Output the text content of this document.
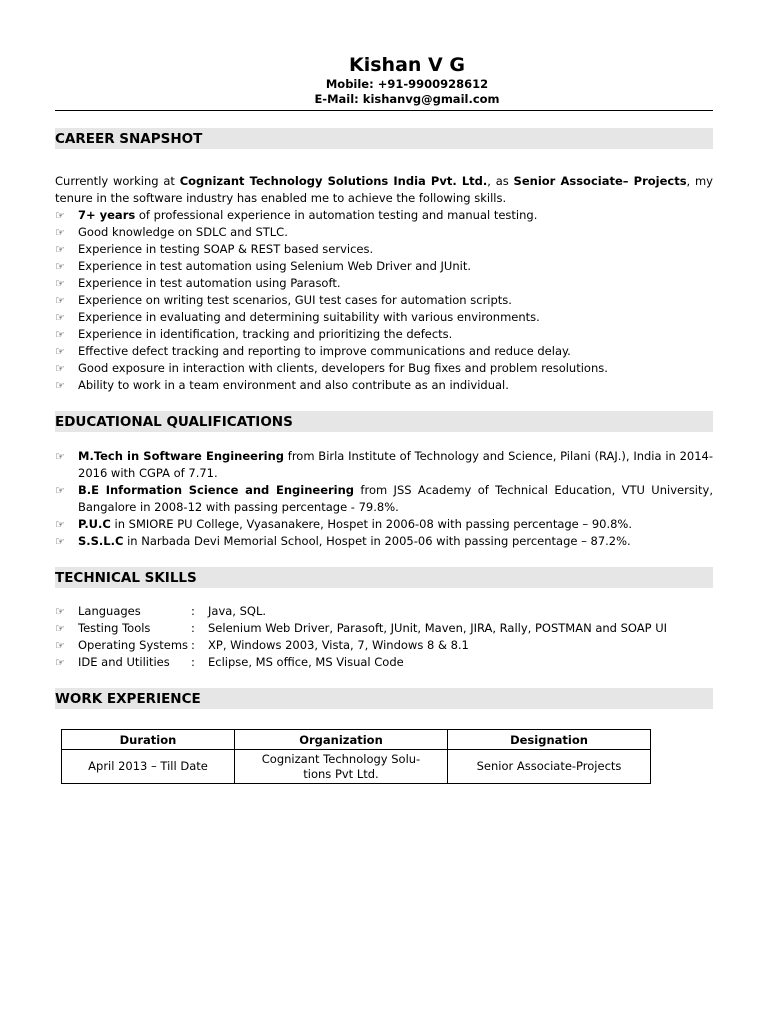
Kishan V G
Mobile: +91-9900928612
E-Mail: kishanvg@gmail.com
CAREER SNAPSHOT
Currently working at Cognizant Technology Solutions India Pvt. Ltd., as Senior Associate– Projects, my tenure in the software industry has enabled me to achieve the following skills.
☞ 7+ years of professional experience in automation testing and manual testing.
☞ Good knowledge on SDLC and STLC.
☞ Experience in testing SOAP & REST based services.
☞ Experience in test automation using Selenium Web Driver and JUnit.
☞ Experience in test automation using Parasoft.
☞ Experience on writing test scenarios, GUI test cases for automation scripts.
☞ Experience in evaluating and determining suitability with various environments.
☞ Experience in identification, tracking and prioritizing the defects.
☞ Effective defect tracking and reporting to improve communications and reduce delay.
☞ Good exposure in interaction with clients, developers for Bug fixes and problem resolutions.
☞ Ability to work in a team environment and also contribute as an individual.
EDUCATIONAL QUALIFICATIONS
☞ M.Tech in Software Engineering from Birla Institute of Technology and Science, Pilani (RAJ.), India in 2014-2016 with CGPA of 7.71.
☞ B.E Information Science and Engineering from JSS Academy of Technical Education, VTU University, Bangalore in 2008-12 with passing percentage - 79.8%.
☞ P.U.C in SMIORE PU College, Vyasanakere, Hospet in 2006-08 with passing percentage – 90.8%.
☞ S.S.L.C in Narbada Devi Memorial School, Hospet in 2005-06 with passing percentage – 87.2%.
TECHNICAL SKILLS
☞ Languages	:	Java, SQL.
☞ Testing Tools	:	Selenium Web Driver, Parasoft, JUnit, Maven, JIRA, Rally, POSTMAN and SOAP UI
☞ Operating Systems :	XP, Windows 2003, Vista, 7, Windows 8 & 8.1
☞ IDE and Utilities	:	Eclipse, MS office, MS Visual Code
WORK EXPERIENCE
Duration	Organization	Designation
April 2013 – Till Date	Cognizant Technology Solu-tions Pvt Ltd.	Senior Associate-Projects
